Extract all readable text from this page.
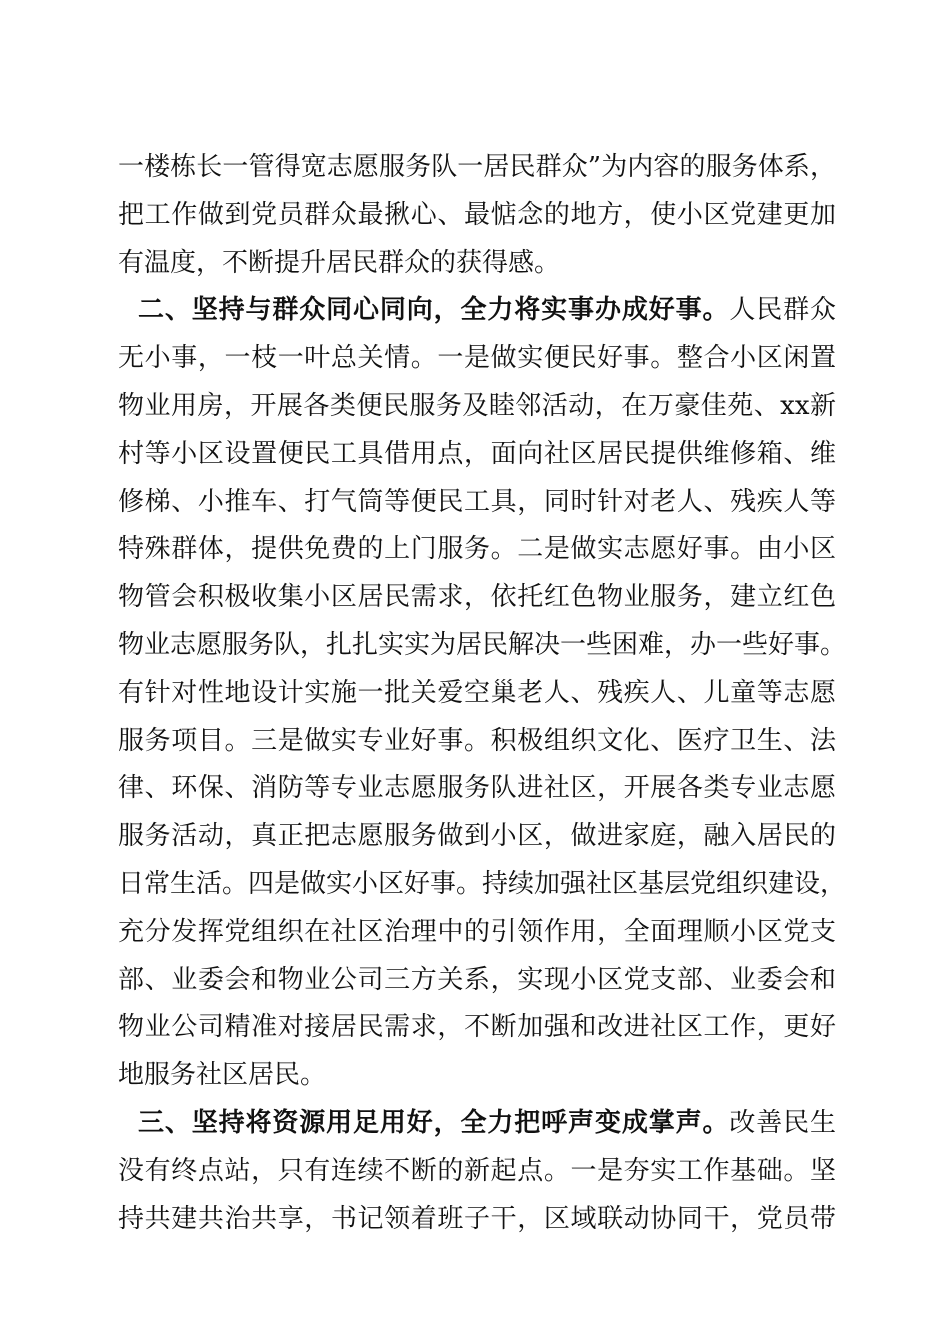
一楼栋长一管得宽志愿服务队一居民群众”为内容的服务体系，
把工作做到党员群众最揪心、最惦念的地方，使小区党建更加
有温度，不断提升居民群众的获得感。
二、坚持与群众同心同向，全力将实事办成好事。人民群众
无小事，一枝一叶总关情。一是做实便民好事。整合小区闲置
物业用房，开展各类便民服务及睦邻活动，在万豪佳苑、xx新
村等小区设置便民工具借用点，面向社区居民提供维修箱、维
修梯、小推车、打气筒等便民工具，同时针对老人、残疾人等
特殊群体，提供免费的上门服务。二是做实志愿好事。由小区
物管会积极收集小区居民需求，依托红色物业服务，建立红色
物业志愿服务队，扎扎实实为居民解决一些困难，办一些好事。
有针对性地设计实施一批关爱空巢老人、残疾人、儿童等志愿
服务项目。三是做实专业好事。积极组织文化、医疗卫生、法
律、环保、消防等专业志愿服务队进社区，开展各类专业志愿
服务活动，真正把志愿服务做到小区，做进家庭，融入居民的
日常生活。四是做实小区好事。持续加强社区基层党组织建设，
充分发挥党组织在社区治理中的引领作用，全面理顺小区党支
部、业委会和物业公司三方关系，实现小区党支部、业委会和
物业公司精准对接居民需求，不断加强和改进社区工作，更好
地服务社区居民。
三、坚持将资源用足用好，全力把呼声变成掌声。改善民生
没有终点站，只有连续不断的新起点。一是夯实工作基础。坚
持共建共治共享，书记领着班子干，区域联动协同干，党员带
